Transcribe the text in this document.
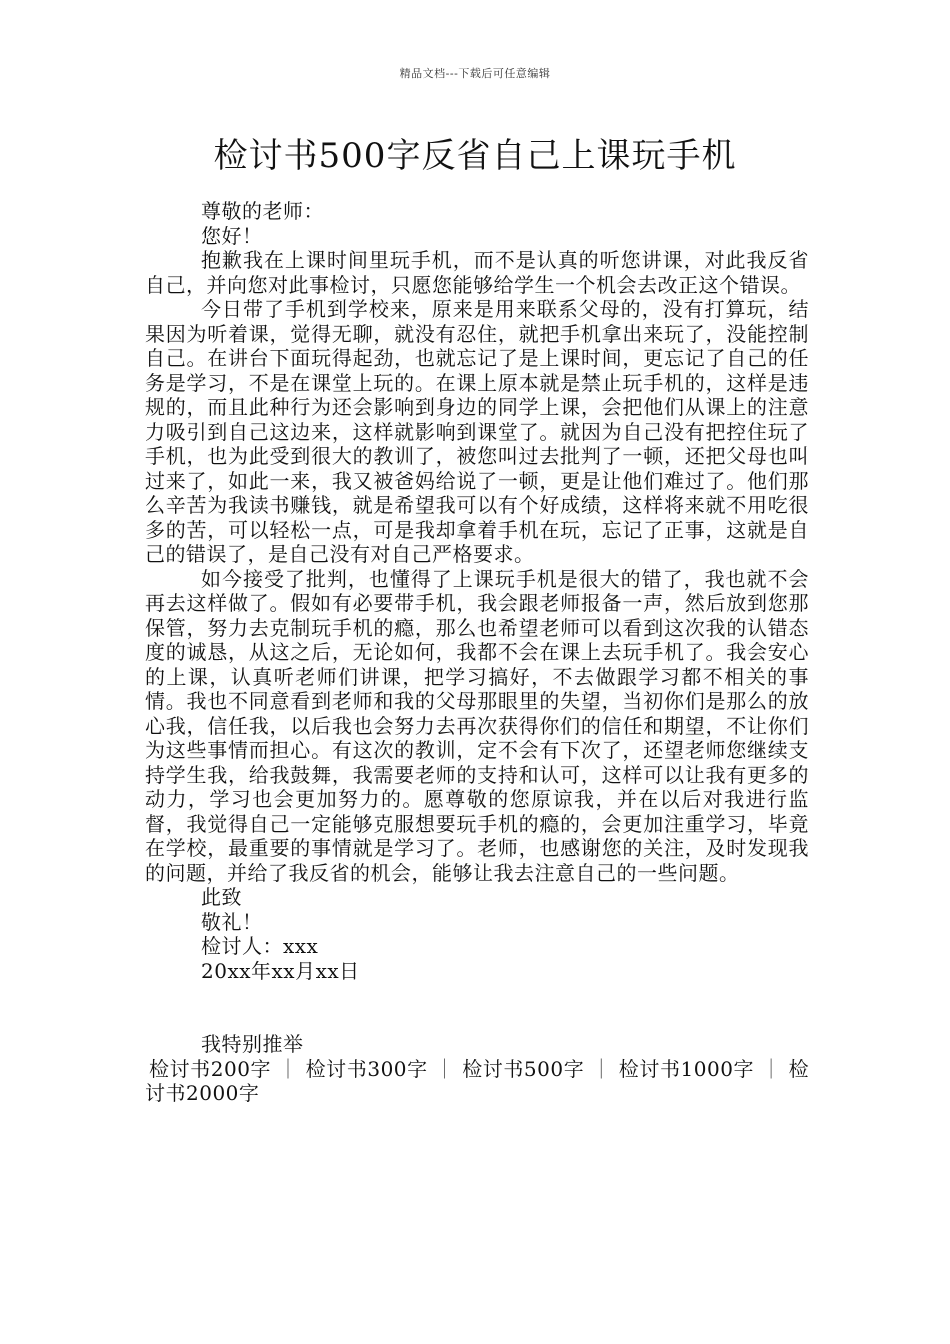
精品文档---下载后可任意编辑
检讨书500字反省自己上课玩手机
尊敬的老师：
您好！

抱歉我在上课时间里玩手机，而不是认真的听您讲课，对此我反省自己，并向您对此事检讨，只愿您能够给学生一个机会去改正这个错误。

今日带了手机到学校来，原来是用来联系父母的，没有打算玩，结果因为听着课，觉得无聊，就没有忍住，就把手机拿出来玩了，没能控制自己。在讲台下面玩得起劲，也就忘记了是上课时间，更忘记了自己的任务是学习，不是在课堂上玩的。在课上原本就是禁止玩手机的，这样是违规的，而且此种行为还会影响到身边的同学上课，会把他们从课上的注意力吸引到自己这边来，这样就影响到课堂了。就因为自己没有把控住玩了手机，也为此受到很大的教训了，被您叫过去批判了一顿，还把父母也叫过来了，如此一来，我又被爸妈给说了一顿，更是让他们难过了。他们那么辛苦为我读书赚钱，就是希望我可以有个好成绩，这样将来就不用吃很多的苦，可以轻松一点，可是我却拿着手机在玩，忘记了正事，这就是自己的错误了，是自己没有对自己严格要求。

如今接受了批判，也懂得了上课玩手机是很大的错了，我也就不会再去这样做了。假如有必要带手机，我会跟老师报备一声，然后放到您那保管，努力去克制玩手机的瘾，那么也希望老师可以看到这次我的认错态度的诚恳，从这之后，无论如何，我都不会在课上去玩手机了。我会安心的上课，认真听老师们讲课，把学习搞好，不去做跟学习都不相关的事情。我也不同意看到老师和我的父母那眼里的失望，当初你们是那么的放心我，信任我，以后我也会努力去再次获得你们的信任和期望，不让你们为这些事情而担心。有这次的教训，定不会有下次了，还望老师您继续支持学生我，给我鼓舞，我需要老师的支持和认可，这样可以让我有更多的动力，学习也会更加努力的。愿尊敬的您原谅我，并在以后对我进行监督，我觉得自己一定能够克服想要玩手机的瘾的，会更加注重学习，毕竟在学校，最重要的事情就是学习了。老师，也感谢您的关注，及时发现我的问题，并给了我反省的机会，能够让我去注意自己的一些问题。

此致
敬礼！
检讨人：xxx
20xx年xx月xx日
我特别推举

检讨书200字 ｜ 检讨书300字 ｜ 检讨书500字 ｜ 检讨书1000字 ｜ 检讨书2000字
